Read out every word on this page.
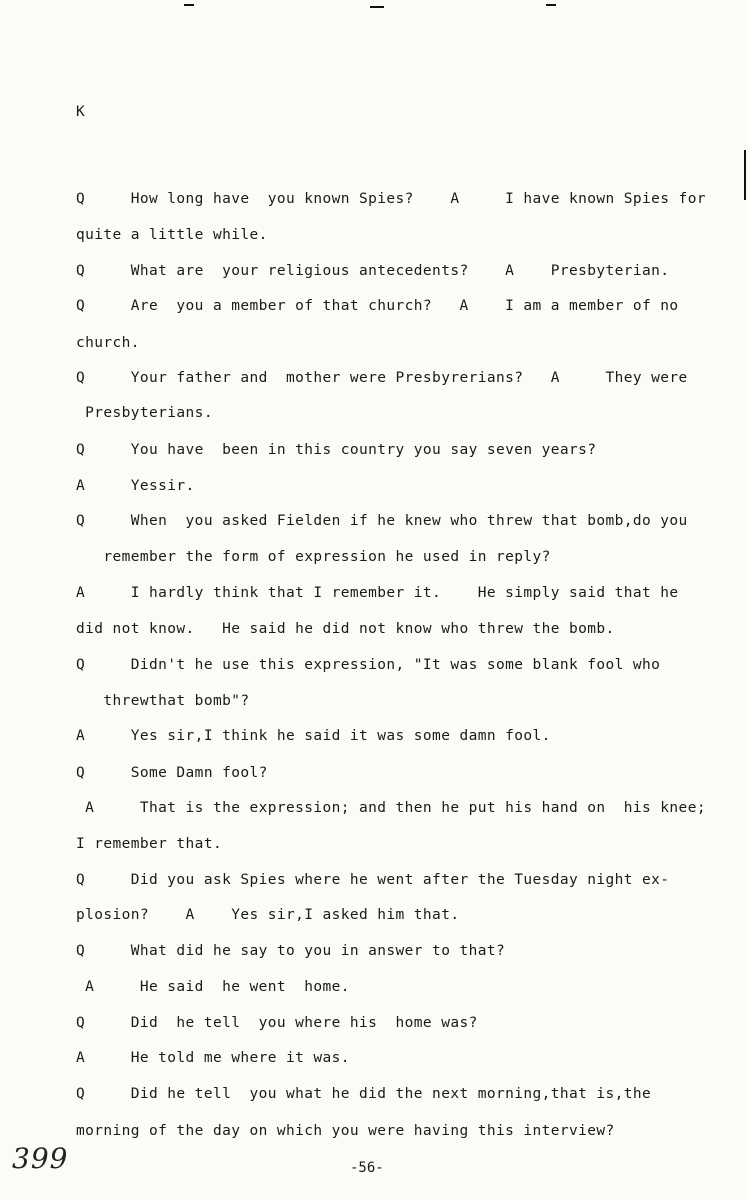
K
Q     How long have  you known Spies?    A     I have known Spies for
quite a little while.
Q     What are  your religious antecedents?    A    Presbyterian.
Q     Are  you a member of that church?   A    I am a member of no
church.
Q     Your father and  mother were Presbyrerians?   A     They were
Presbyterians.
Q     You have  been in this country you say seven years?
A     Yessir.
Q     When  you asked Fielden if he knew who threw that bomb,do you
remember the form of expression he used in reply?
A     I hardly think that I remember it.    He simply said that he
did not know.   He said he did not know who threw the bomb.
Q     Didn't he use this expression, "It was some blank fool who
threwthat bomb"?
A     Yes sir,I think he said it was some damn fool.
Q     Some Damn fool?
A     That is the expression; and then he put his hand on  his knee;
I remember that.
Q     Did you ask Spies where he went after the Tuesday night ex-
plosion?    A    Yes sir,I asked him that.
Q     What did he say to you in answer to that?
A     He said  he went  home.
Q     Did  he tell  you where his  home was?
A     He told me where it was.
Q     Did he tell  you what he did the next morning,that is,the
morning of the day on which you were having this interview?
399	-56-
